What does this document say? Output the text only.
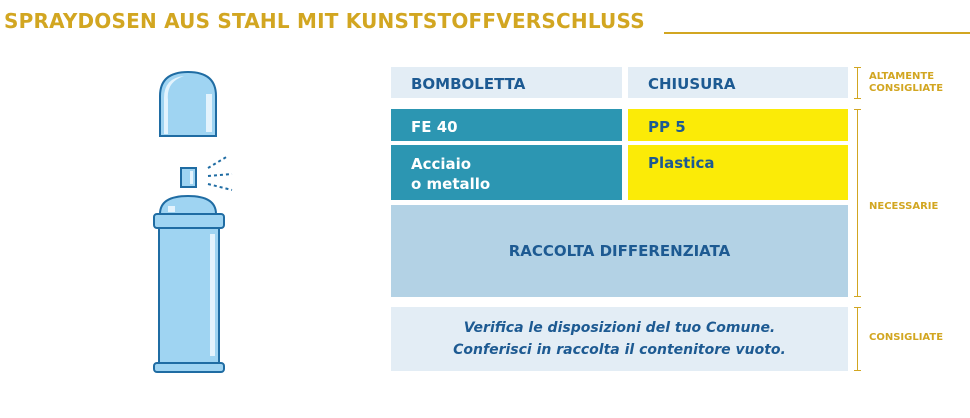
SPRAYDOSEN AUS STAHL MIT KUNSTSTOFFVERSCHLUSS
BOMBOLETTA	CHIUSURA
FE 40	PP 5
Acciaio
o metallo
Plastica
RACCOLTA DIFFERENZIATA
Verifica le disposizioni del tuo Comune.
Conferisci in raccolta il contenitore vuoto.
ALTAMENTE
CONSIGLIATE
NECESSARIE
CONSIGLIATE
